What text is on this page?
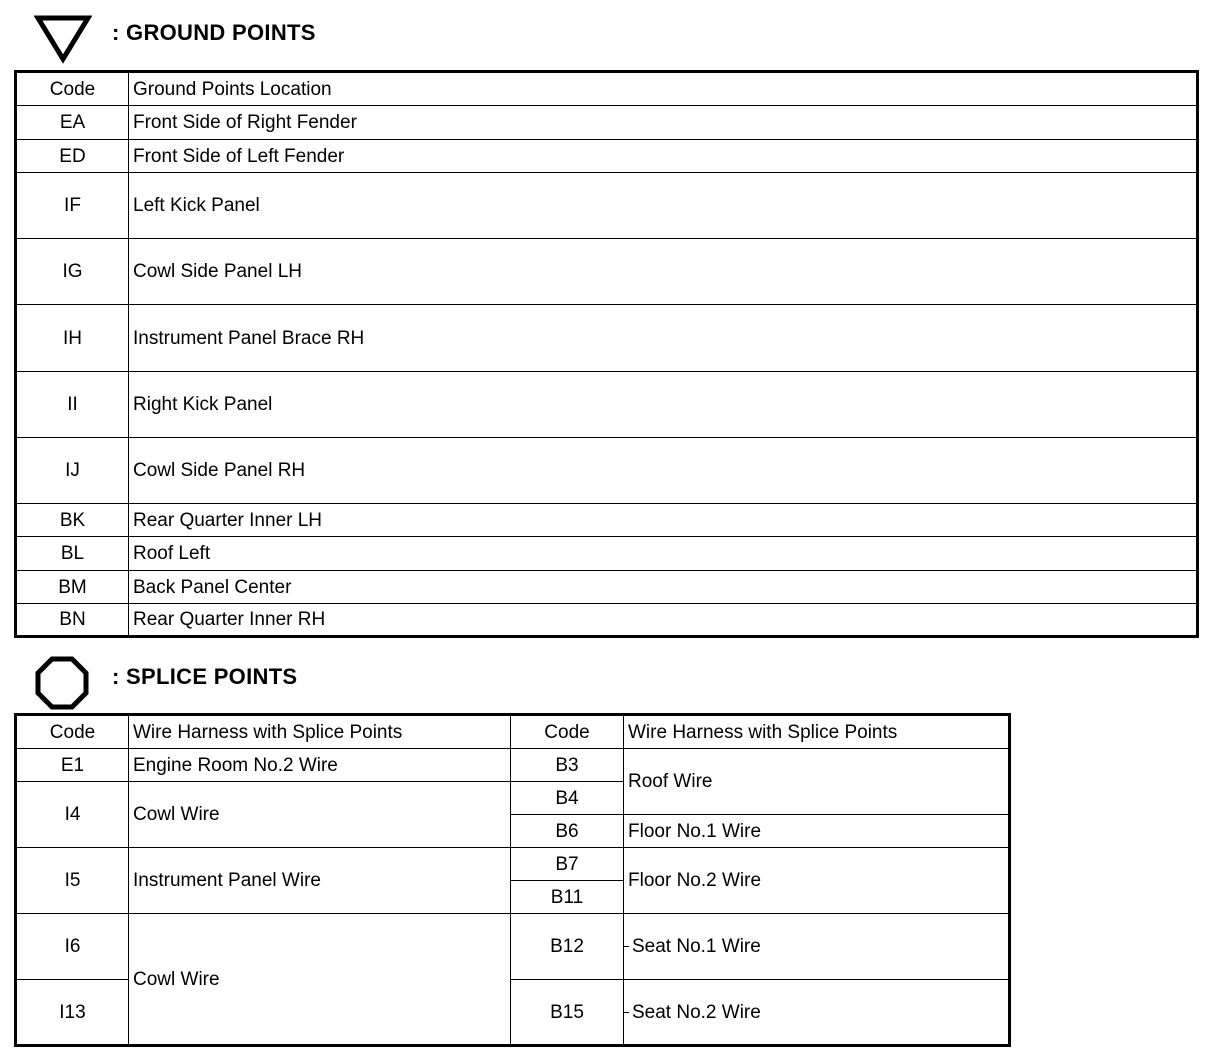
: GROUND POINTS
Code	Ground Points Location
EA	Front Side of Right Fender
ED	Front Side of Left Fender
IF	Left Kick Panel
IG	Cowl Side Panel LH
IH	Instrument Panel Brace RH
II	Right Kick Panel
IJ	Cowl Side Panel RH
BK	Rear Quarter Inner LH
BL	Roof Left
BM	Back Panel Center
BN	Rear Quarter Inner RH
: SPLICE POINTS
Code	Wire Harness with Splice Points	Code	Wire Harness with Splice Points
E1	Engine Room No.2 Wire	B3	Roof Wire
I4	Cowl Wire	B4	
		B6	Floor No.1 Wire
I5	Instrument Panel Wire	B7	Floor No.2 Wire
		B11	
I6	Cowl Wire	B12	Seat No.1 Wire
I13		B15	Seat No.2 Wire
